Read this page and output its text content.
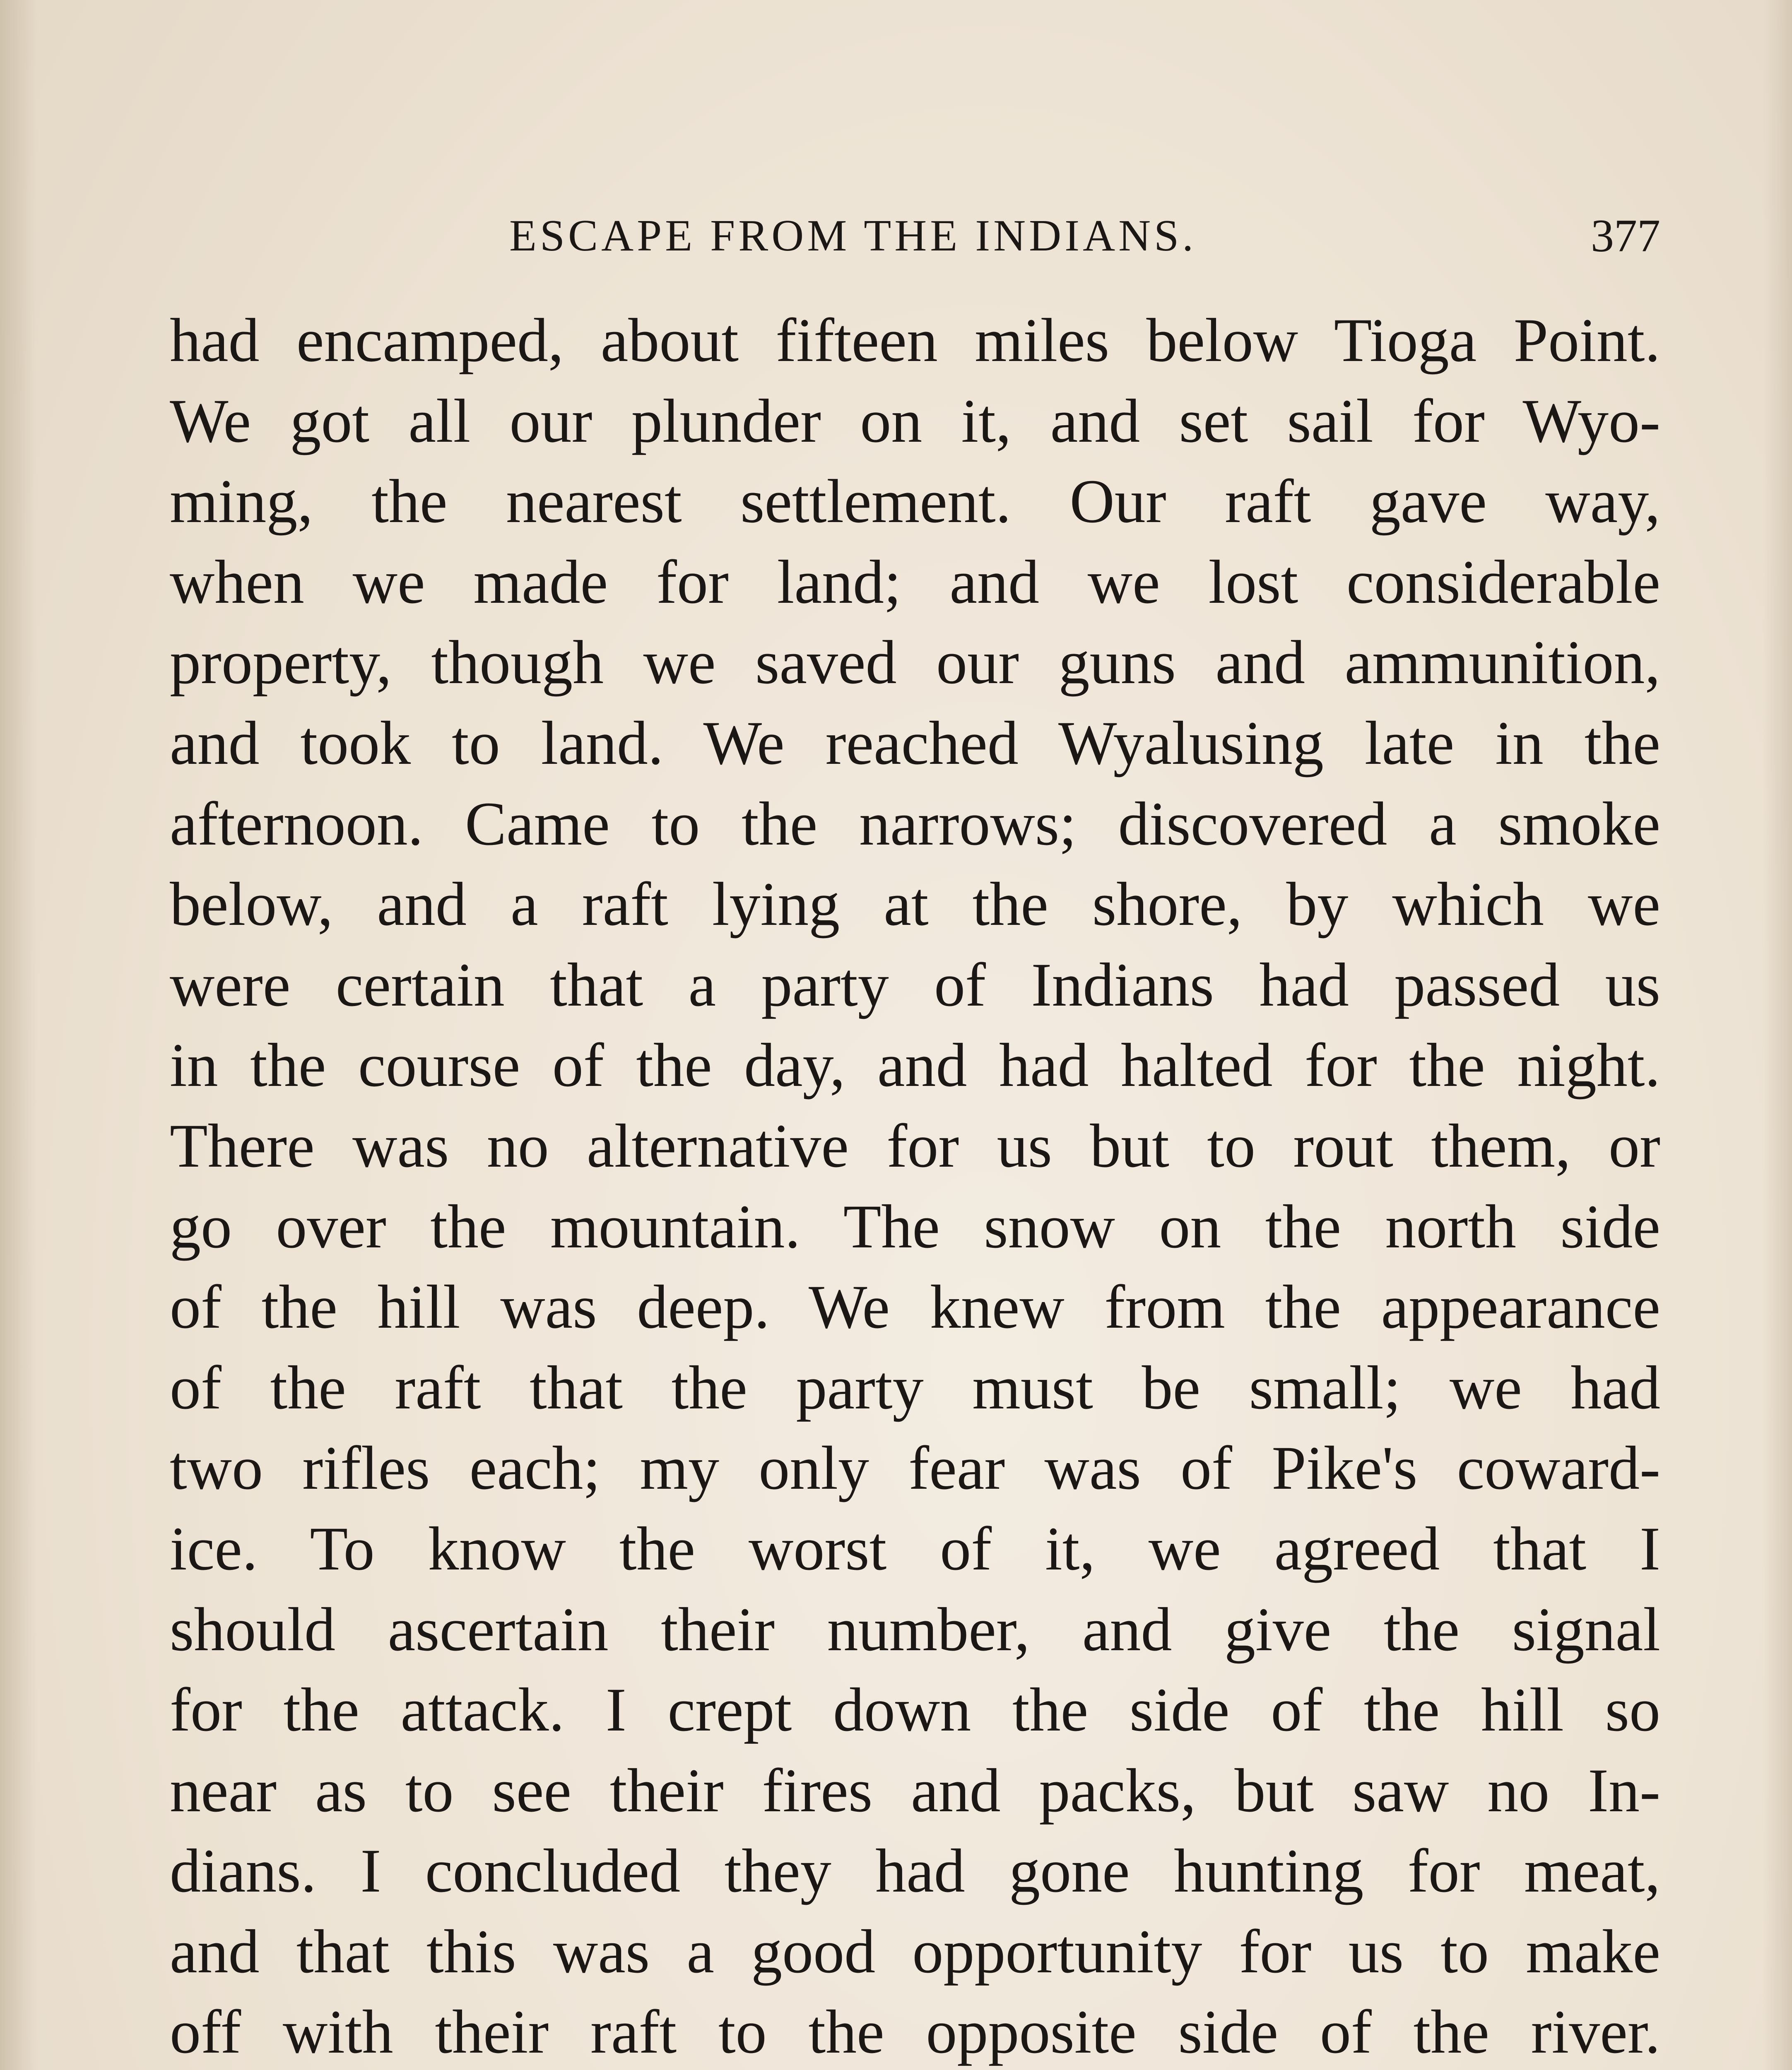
ESCAPE FROM THE INDIANS.	377
had encamped, about fifteen miles below Tioga Point.
We got all our plunder on it, and set sail for Wyo-
ming, the nearest settlement. Our raft gave way,
when we made for land; and we lost considerable
property, though we saved our guns and ammunition,
and took to land. We reached Wyalusing late in the
afternoon. Came to the narrows; discovered a smoke
below, and a raft lying at the shore, by which we
were certain that a party of Indians had passed us
in the course of the day, and had halted for the night.
There was no alternative for us but to rout them, or
go over the mountain. The snow on the north side
of the hill was deep. We knew from the appearance
of the raft that the party must be small; we had
two rifles each; my only fear was of Pike's coward-
ice. To know the worst of it, we agreed that I
should ascertain their number, and give the signal
for the attack. I crept down the side of the hill so
near as to see their fires and packs, but saw no In-
dians. I concluded they had gone hunting for meat,
and that this was a good opportunity for us to make
off with their raft to the opposite side of the river.
